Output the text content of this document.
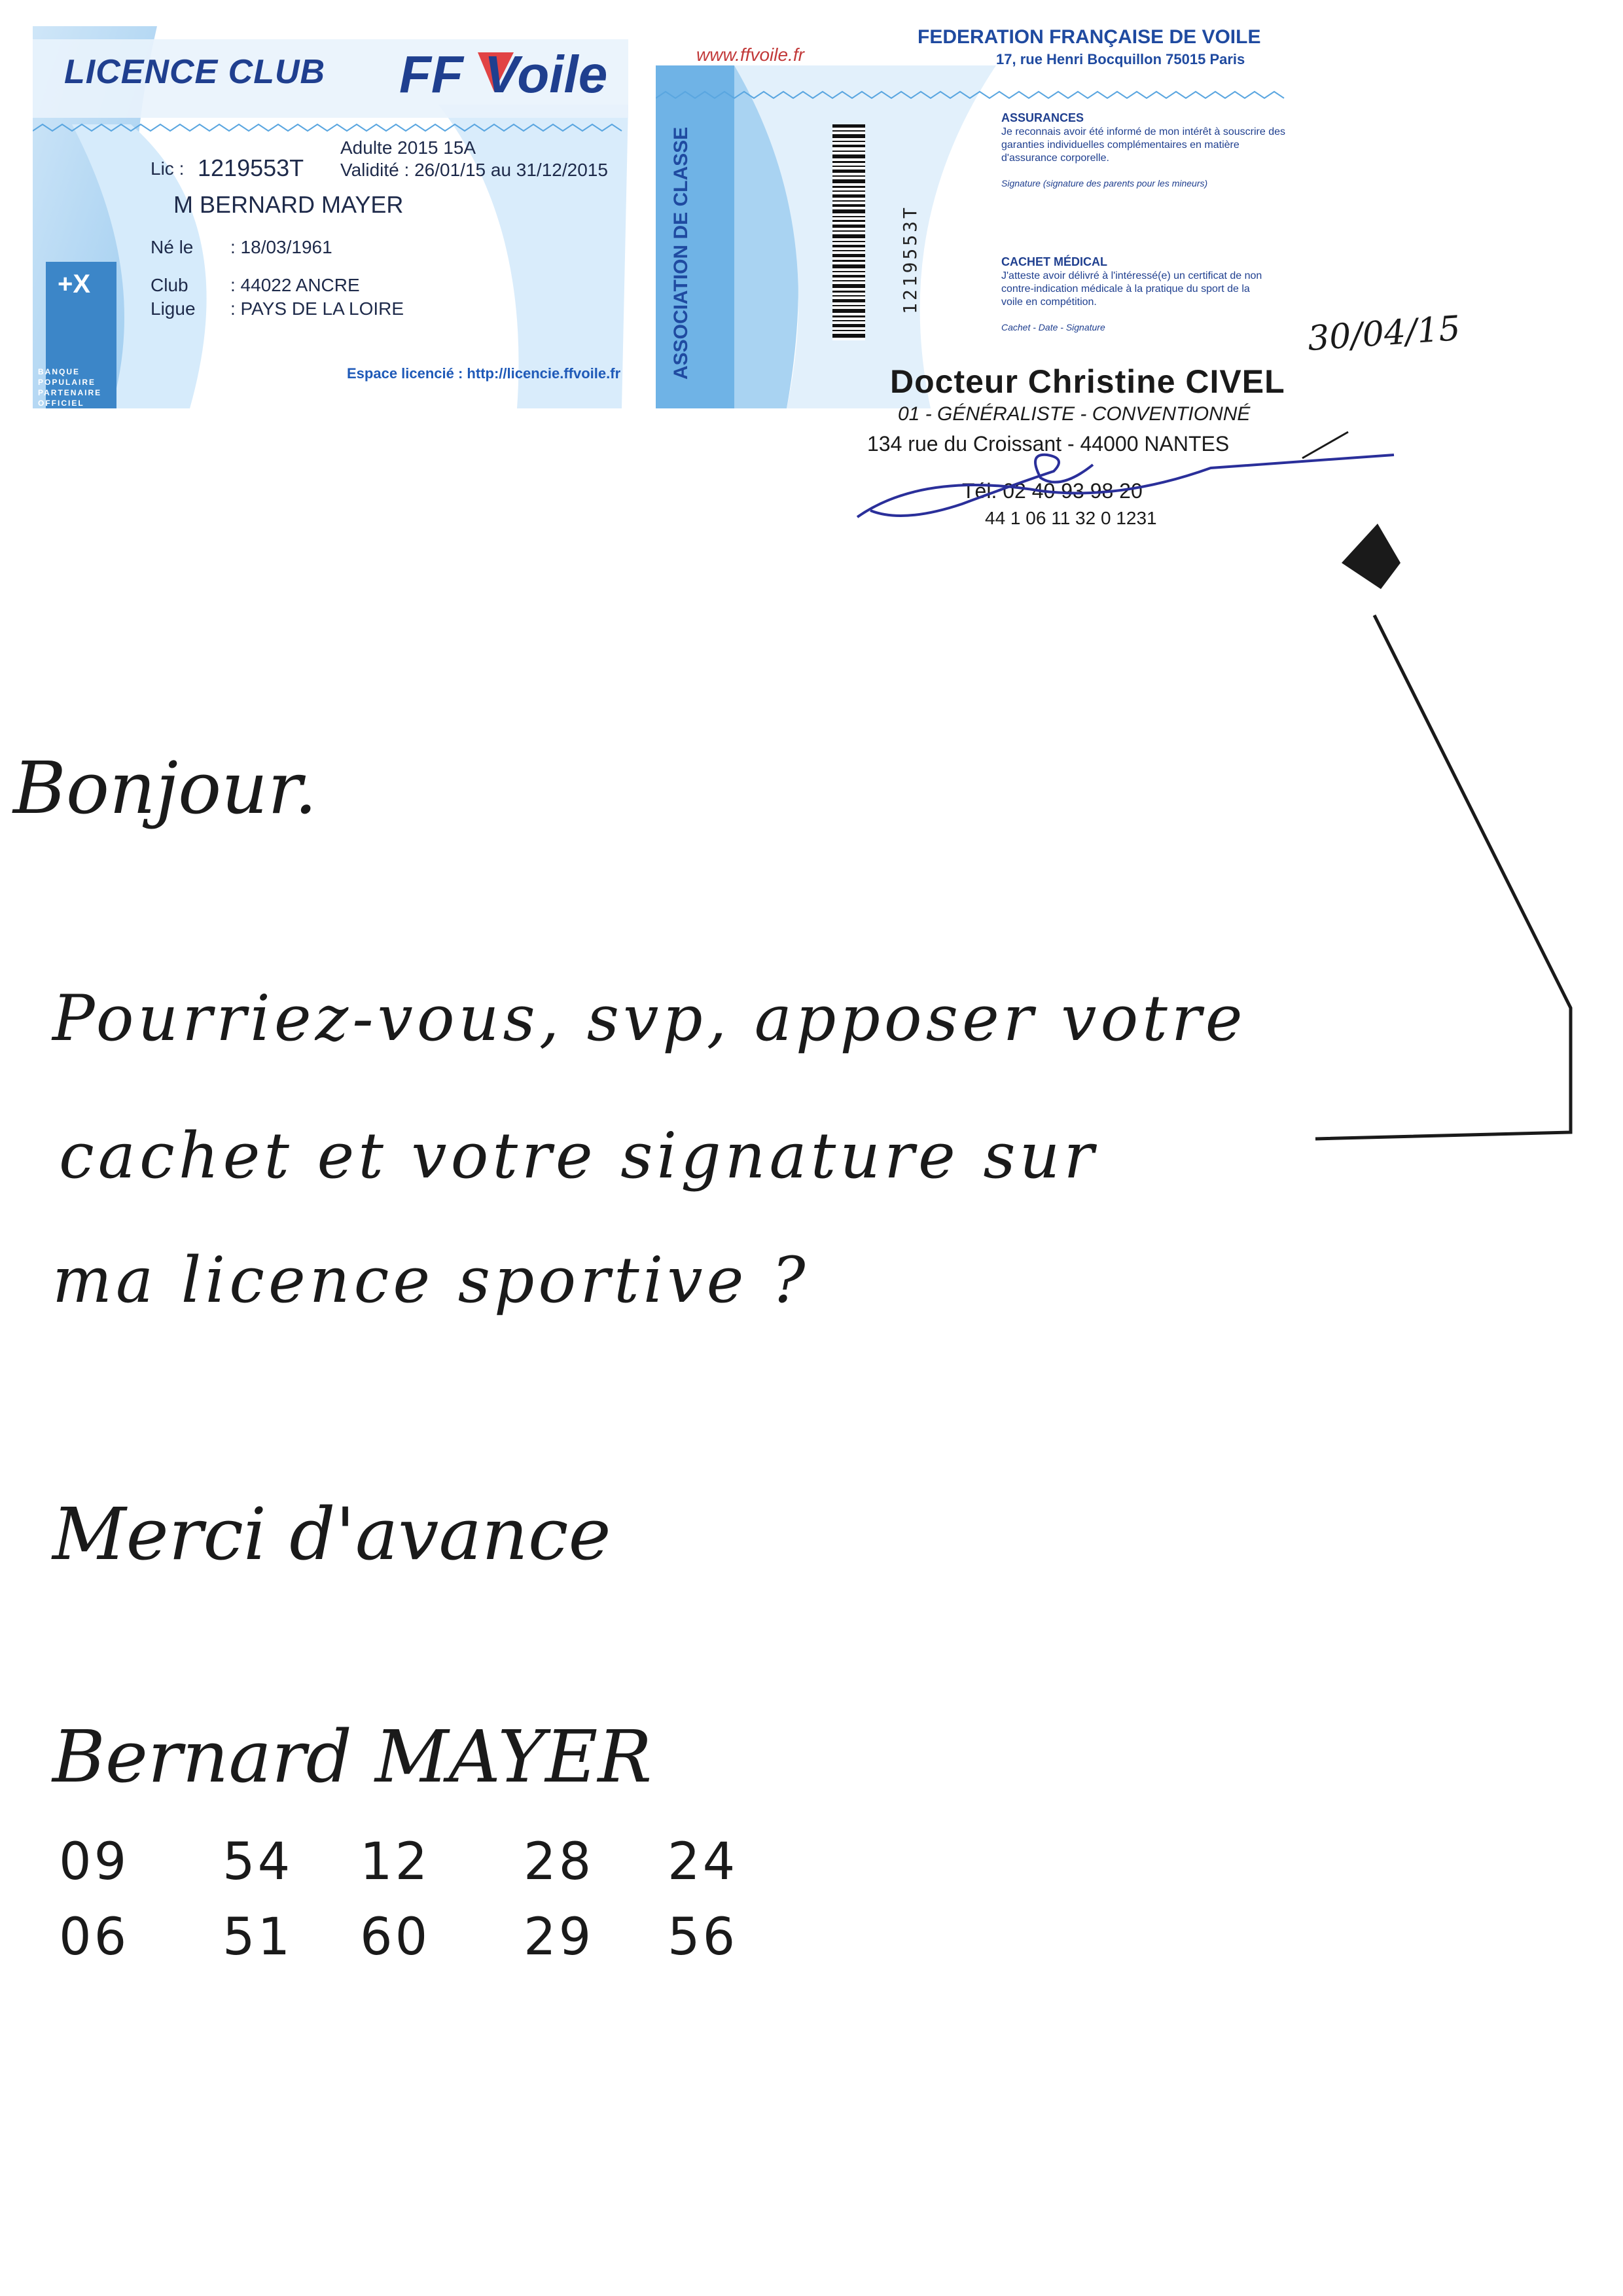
LICENCE CLUB FF Voile
Adulte 2015 15A
Lic : 1219553T Validité : 26/01/15 au 31/12/2015
M BERNARD MAYER
Né le : 18/03/1961
Club : 44022 ANCRE
Ligue : PAYS DE LA LOIRE
+X
BANQUE POPULAIRE PARTENAIRE OFFICIEL
Espace licencié : http://licencie.ffvoile.fr
www.ffvoile.fr
FEDERATION FRANÇAISE DE VOILE
17, rue Henri Bocquillon 75015 Paris
ASSOCIATION DE CLASSE	1219553T
ASSURANCES
Je reconnais avoir été informé de mon intérêt à souscrire des garanties individuelles complémentaires en matière d'assurance corporelle.
Signature (signature des parents pour les mineurs)
CACHET MÉDICAL
J'atteste avoir délivré à l'intéressé(e) un certificat de non contre-indication médicale à la pratique du sport de la voile en compétition.
Cachet - Date - Signature
Docteur Christine CIVEL
01 - GÉNÉRALISTE - CONVENTIONNÉ
134 rue du Croissant - 44000 NANTES
Tél. 02 40 93 98 20
44 1 06 11 32 0 1231
30/04/15
Bonjour.
Pourriez-vous, svp, apposer votre
cachet et votre signature sur
ma licence sportive ?
Merci d'avance
Bernard MAYER
09 54 12 28 24
06 51 60 29 56
